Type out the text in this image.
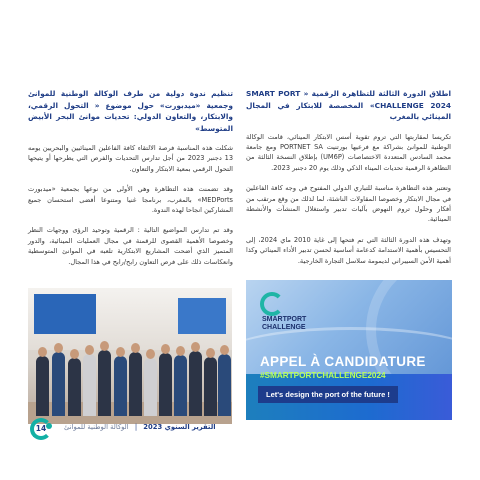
اطلاق الدورة الثالثة للتظاهرة الرقمية « SMART PORT CHALLENGE 2024» المخصصة للابتكار في المجال المينائي بالمغرب

تكريسا لمقاربتها التي تروم تقوية أسس الابتكار المينائي، قامت الوكالة الوطنية للموانئ بشراكة مع فرعيها بورتنيت PORTNET SA ومع جامعة محمد السادس المتعددة الاختصاصات (UM6P) بإطلاق النسخة الثالثة من التظاهرة الرقمية تحديات الميناء الذكي وذلك يوم 20 دجنبر 2023.

وتعتبر هذه التظاهرة مناسبة للتباري الدولي المفتوح في وجه كافة الفاعلين في مجال الابتكار وخصوصا المقاولات الناشئة، لما لذلك من وقع مرتقب من أفكار وحلول تروم النهوض بآليات تدبير واستغلال المنشآت والأنشطة المينائية.

وتهدف هذه الدورة الثالثة التي تم فتحها إلى غاية 2010 ماي 2024، إلى التحسيس بأهمية الاستدامة كدعامة أساسية لحسن تدبير الأداء المينائي وكذا أهمية الأمن السيبراني لديمومة سلاسل التجارة الخارجية.

تنظيم ندوة دولية من طرف الوكالة الوطنية للموانئ وجمعية «ميدبورت» حول موضوع « التحول الرقمي، والابتكار، والتعاون الدولي: تحديات موانئ البحر الأبيض المتوسط»

شكلت هذه المناسبة فرصة الالتقاء كافة الفاعلين المينائيين والبحريين يومه 13 دجنبر 2023 من أجل تدارس التحديات والفرص التي يطرحها أو يتيحها التحول الرقمي بمعية الابتكار والتعاون.

وقد تضمنت هذه التظاهرة وهي الأولى من نوعها بجمعية «ميدبورت MEDPorts» بالمغرب، برنامجا غنيا ومتنوعا أفضى استحسان جميع المشاركين انجاحا لهذه الندوة.

وقد تم تدارس المواضيع التالية : الرقمية وتوحيد الرؤى ووجهات النظر وخصوصا الأهمية القصوى للرقمنة في مجال العمليات المينائية، والدور المتميز الذي أضحت المشاريع الابتكارية تلعبه في الموانئ المتوسطية وانعكاسات ذلك على فرص التعاون رابح/رابح في هذا المجال.

SMARTPORT
CHALLENGE
APPEL À CANDIDATURE
#SMARTPORTCHALLENGE2024
Let's design the port of the future !
14	التقرير السنوي 2023 | الوكالة الوطنية للموانئ
